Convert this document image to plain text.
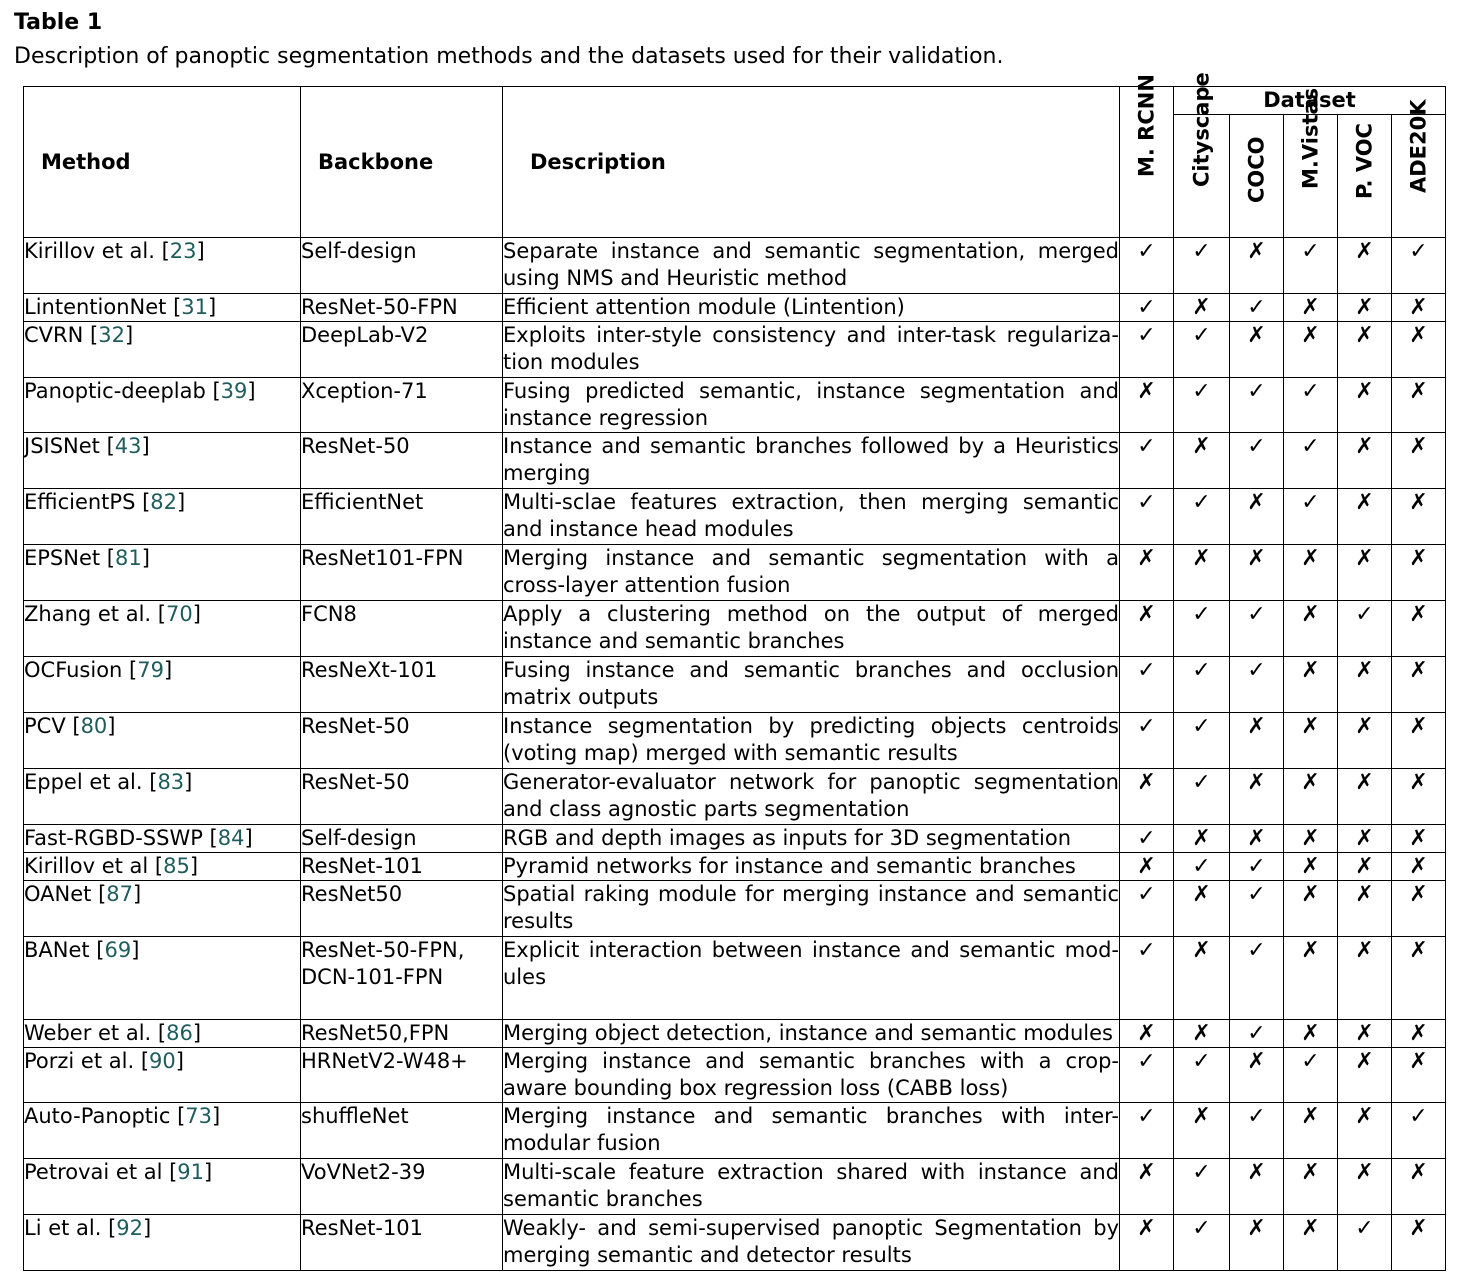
Table 1
Description of panoptic segmentation methods and the datasets used for their validation.
Method	Backbone	Description	M. RCNN	Dataset				

				Cityscape	COCO	M.Vistas	P. VOC	ADE20K

Kirillov et al. [23]	Self-design	Separate instance and semantic segmentation, merged using NMS and Heuristic method	✓	✓	✗	✓	✗	✓
LintentionNet [31]	ResNet-50-FPN	Efficient attention module (Lintention)	✓	✗	✓	✗	✗	✗
CVRN [32]	DeepLab-V2	Exploits inter-style consistency and inter-task regulariza-tion modules	✓	✓	✗	✗	✗	✗
Panoptic-deeplab [39]	Xception-71	Fusing predicted semantic, instance segmentation and instance regression	✗	✓	✓	✓	✗	✗
JSISNet [43]	ResNet-50	Instance and semantic branches followed by a Heuristics merging	✓	✗	✓	✓	✗	✗
EfficientPS [82]	EfficientNet	Multi-sclae features extraction, then merging semantic and instance head modules	✓	✓	✗	✓	✗	✗
EPSNet [81]	ResNet101-FPN	Merging instance and semantic segmentation with a cross-layer attention fusion	✗	✗	✗	✗	✗	✗
Zhang et al. [70]	FCN8	Apply a clustering method on the output of merged instance and semantic branches	✗	✓	✓	✗	✓	✗
OCFusion [79]	ResNeXt-101	Fusing instance and semantic branches and occlusion matrix outputs	✓	✓	✓	✗	✗	✗
PCV [80]	ResNet-50	Instance segmentation by predicting objects centroids (voting map) merged with semantic results	✓	✓	✗	✗	✗	✗
Eppel et al. [83]	ResNet-50	Generator-evaluator network for panoptic segmentation and class agnostic parts segmentation	✗	✓	✗	✗	✗	✗
Fast-RGBD-SSWP [84]	Self-design	RGB and depth images as inputs for 3D segmentation	✓	✗	✗	✗	✗	✗
Kirillov et al [85]	ResNet-101	Pyramid networks for instance and semantic branches	✗	✓	✓	✗	✗	✗
OANet [87]	ResNet50	Spatial raking module for merging instance and semantic results	✓	✗	✓	✗	✗	✗
BANet [69]	ResNet-50-FPN, DCN-101-FPN	Explicit interaction between instance and semantic mod-ules	✓	✗	✓	✗	✗	✗
Weber et al. [86]	ResNet50,FPN	Merging object detection, instance and semantic modules	✗	✗	✓	✗	✗	✗
Porzi et al. [90]	HRNetV2-W48+	Merging instance and semantic branches with a crop-aware bounding box regression loss (CABB loss)	✓	✓	✗	✓	✗	✗
Auto-Panoptic [73]	shuffleNet	Merging instance and semantic branches with inter-modular fusion	✓	✗	✓	✗	✗	✓
Petrovai et al [91]	VoVNet2-39	Multi-scale feature extraction shared with instance and semantic branches	✗	✓	✗	✗	✗	✗
Li et al. [92]	ResNet-101	Weakly- and semi-supervised panoptic Segmentation by merging semantic and detector results	✗	✓	✗	✗	✓	✗
